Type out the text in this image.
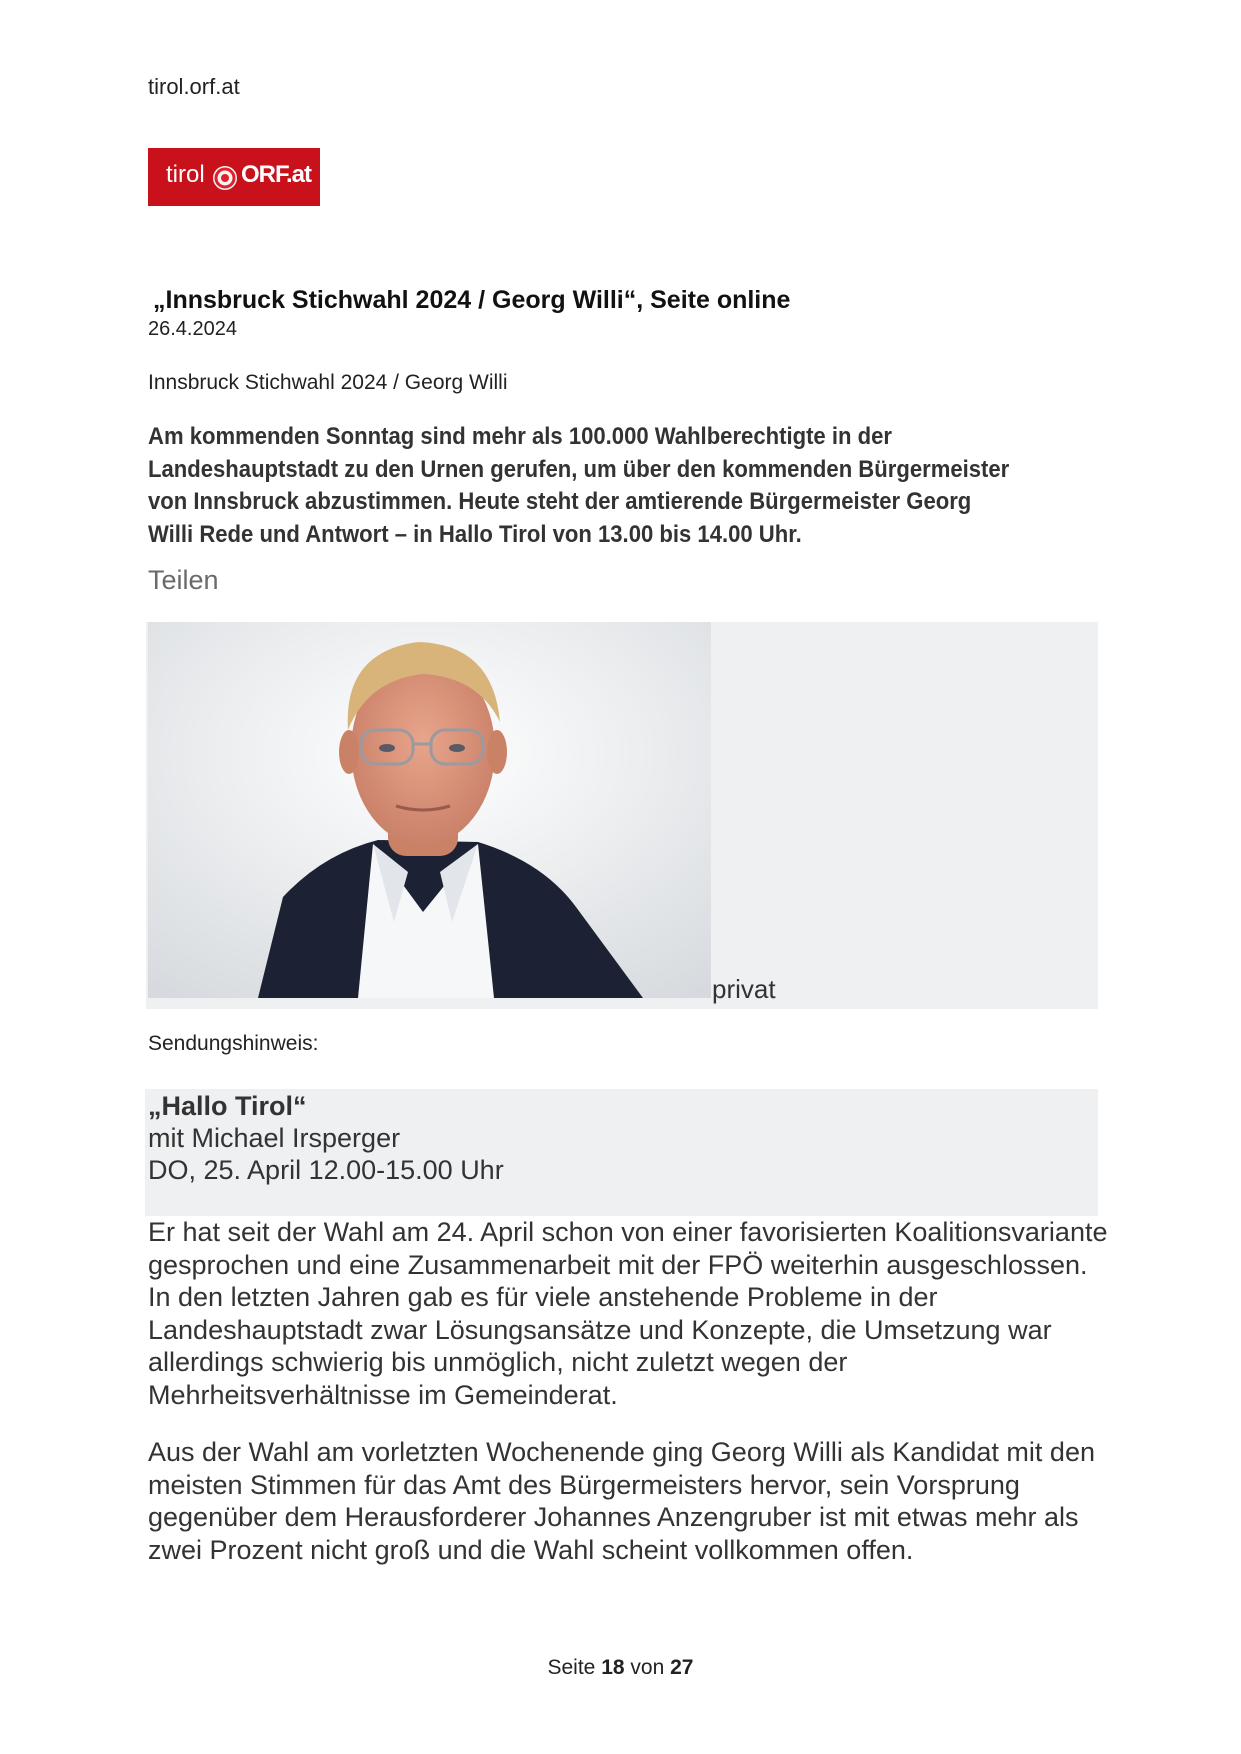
tirol.orf.at
tirol ORF.at
„Innsbruck Stichwahl 2024 / Georg Willi“, Seite online
26.4.2024
Innsbruck Stichwahl 2024 / Georg Willi
Am kommenden Sonntag sind mehr als 100.000 Wahlberechtigte in der Landeshauptstadt zu den Urnen gerufen, um über den kommenden Bürgermeister von Innsbruck abzustimmen. Heute steht der amtierende Bürgermeister Georg Willi Rede und Antwort – in Hallo Tirol von 13.00 bis 14.00 Uhr.
Teilen
privat
Sendungshinweis:
„Hallo Tirol“
mit Michael Irsperger
DO, 25. April 12.00-15.00 Uhr
Er hat seit der Wahl am 24. April schon von einer favorisierten Koalitionsvariante gesprochen und eine Zusammenarbeit mit der FPÖ weiterhin ausgeschlossen. In den letzten Jahren gab es für viele anstehende Probleme in der Landeshauptstadt zwar Lösungsansätze und Konzepte, die Umsetzung war allerdings schwierig bis unmöglich, nicht zuletzt wegen der Mehrheitsverhältnisse im Gemeinderat.
Aus der Wahl am vorletzten Wochenende ging Georg Willi als Kandidat mit den meisten Stimmen für das Amt des Bürgermeisters hervor, sein Vorsprung gegenüber dem Herausforderer Johannes Anzengruber ist mit etwas mehr als zwei Prozent nicht groß und die Wahl scheint vollkommen offen.
Seite 18 von 27
